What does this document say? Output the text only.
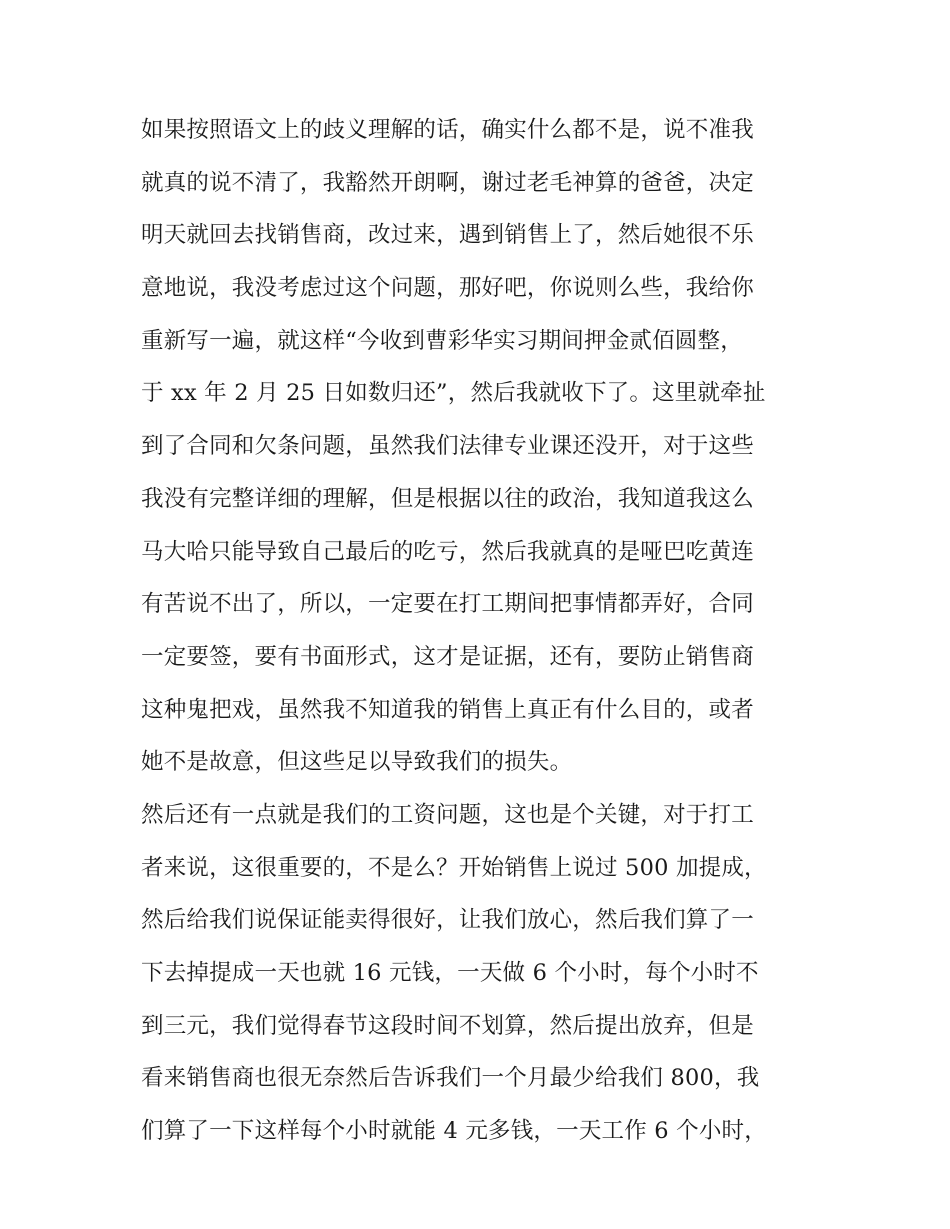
如果按照语文上的歧义理解的话，确实什么都不是，说不准我
就真的说不清了，我豁然开朗啊，谢过老毛神算的爸爸，决定
明天就回去找销售商，改过来，遇到销售上了，然后她很不乐
意地说，我没考虑过这个问题，那好吧，你说则么些，我给你
重新写一遍，就这样“今收到曹彩华实习期间押金贰佰圆整，
于 xx 年 2 月 25 日如数归还”，然后我就收下了。这里就牵扯
到了合同和欠条问题，虽然我们法律专业课还没开，对于这些
我没有完整详细的理解，但是根据以往的政治，我知道我这么
马大哈只能导致自己最后的吃亏，然后我就真的是哑巴吃黄连
有苦说不出了，所以，一定要在打工期间把事情都弄好，合同
一定要签，要有书面形式，这才是证据，还有，要防止销售商
这种鬼把戏，虽然我不知道我的销售上真正有什么目的，或者
她不是故意，但这些足以导致我们的损失。
然后还有一点就是我们的工资问题，这也是个关键，对于打工
者来说，这很重要的，不是么？开始销售上说过 500 加提成，
然后给我们说保证能卖得很好，让我们放心，然后我们算了一
下去掉提成一天也就 16 元钱，一天做 6 个小时，每个小时不
到三元，我们觉得春节这段时间不划算，然后提出放弃，但是
看来销售商也很无奈然后告诉我们一个月最少给我们 800，我
们算了一下这样每个小时就能 4 元多钱，一天工作 6 个小时，
